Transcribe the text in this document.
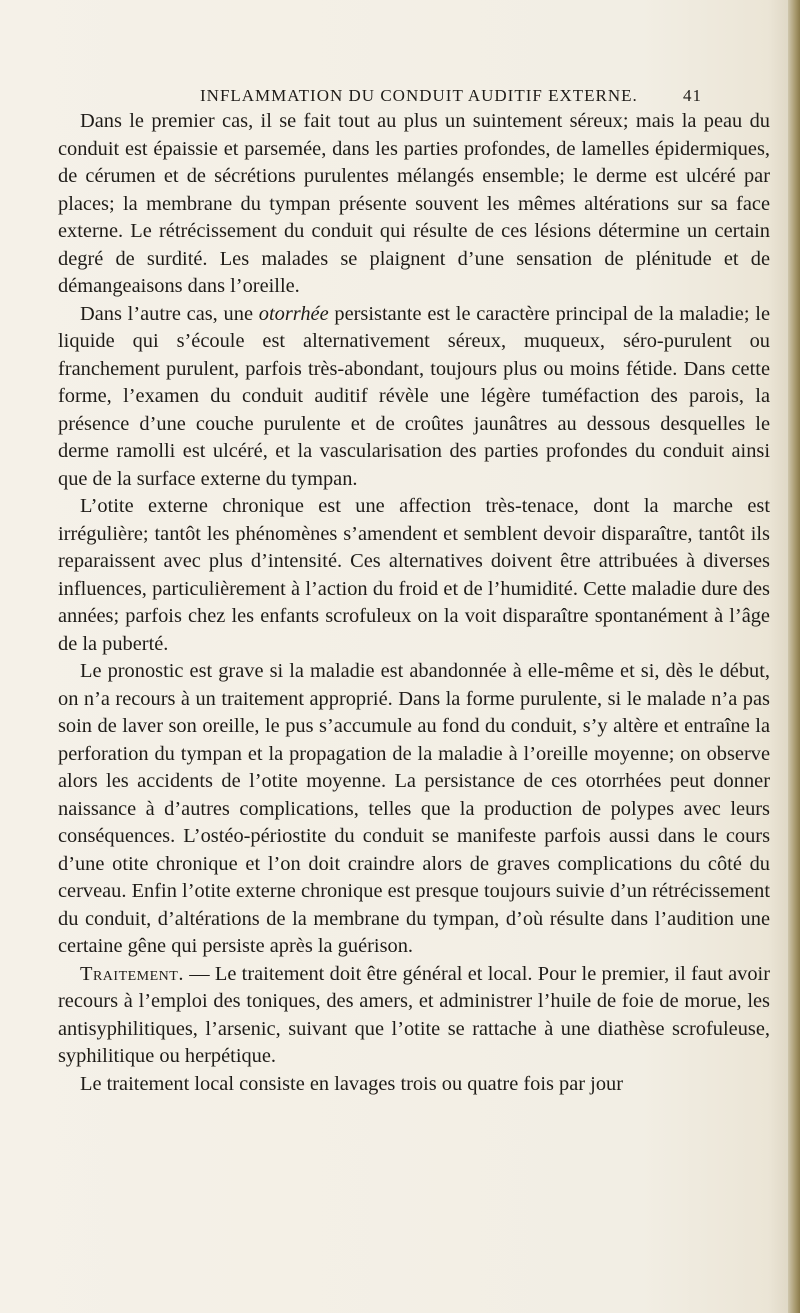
INFLAMMATION DU CONDUIT AUDITIF EXTERNE.	41

Dans le premier cas, il se fait tout au plus un suintement séreux; mais la peau du conduit est épaissie et parsemée, dans les parties profondes, de lamelles épidermiques, de cérumen et de sécrétions purulentes mélangés ensemble; le derme est ulcéré par places; la membrane du tympan présente souvent les mêmes altérations sur sa face externe. Le rétrécissement du conduit qui résulte de ces lésions détermine un certain degré de surdité. Les malades se plaignent d’une sensation de plénitude et de démangeaisons dans l’oreille.

Dans l’autre cas, une otorrhée persistante est le caractère principal de la maladie; le liquide qui s’écoule est alternativement séreux, muqueux, séro-purulent ou franchement purulent, parfois très-abondant, toujours plus ou moins fétide. Dans cette forme, l’examen du conduit auditif révèle une légère tuméfaction des parois, la présence d’une couche purulente et de croûtes jaunâtres au dessous desquelles le derme ramolli est ulcéré, et la vascularisation des parties profondes du conduit ainsi que de la surface externe du tympan.

L’otite externe chronique est une affection très-tenace, dont la marche est irrégulière; tantôt les phénomènes s’amendent et semblent devoir disparaître, tantôt ils reparaissent avec plus d’intensité. Ces alternatives doivent être attribuées à diverses influences, particulièrement à l’action du froid et de l’humidité. Cette maladie dure des années; parfois chez les enfants scrofuleux on la voit disparaître spontanément à l’âge de la puberté.

Le pronostic est grave si la maladie est abandonnée à elle-même et si, dès le début, on n’a recours à un traitement approprié. Dans la forme purulente, si le malade n’a pas soin de laver son oreille, le pus s’accumule au fond du conduit, s’y altère et entraîne la perforation du tympan et la propagation de la maladie à l’oreille moyenne; on observe alors les accidents de l’otite moyenne. La persistance de ces otorrhées peut donner naissance à d’autres complications, telles que la production de polypes avec leurs conséquences. L’ostéo-périostite du conduit se manifeste parfois aussi dans le cours d’une otite chronique et l’on doit craindre alors de graves complications du côté du cerveau. Enfin l’otite externe chronique est presque toujours suivie d’un rétrécissement du conduit, d’altérations de la membrane du tympan, d’où résulte dans l’audition une certaine gêne qui persiste après la guérison.

Traitement. — Le traitement doit être général et local. Pour le premier, il faut avoir recours à l’emploi des toniques, des amers, et administrer l’huile de foie de morue, les antisyphilitiques, l’arsenic, suivant que l’otite se rattache à une diathèse scrofuleuse, syphilitique ou herpétique.

Le traitement local consiste en lavages trois ou quatre fois par jour
